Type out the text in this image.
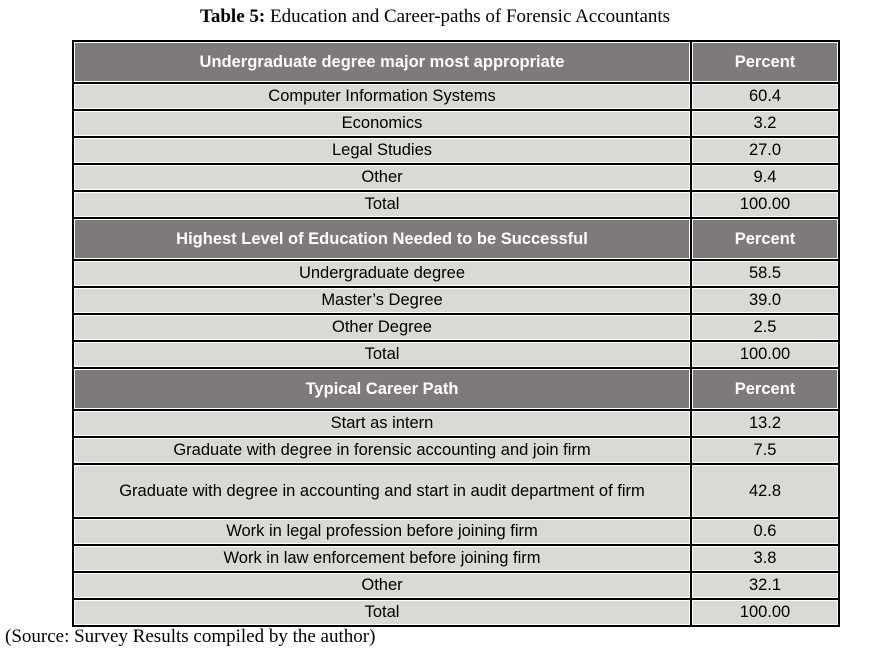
Table 5: Education and Career-paths of Forensic Accountants
Undergraduate degree major most appropriate	Percent
Computer Information Systems	60.4
Economics	3.2
Legal Studies	27.0
Other	9.4
Total	100.00
Highest Level of Education Needed to be Successful	Percent
Undergraduate degree	58.5
Master’s Degree	39.0
Other Degree	2.5
Total	100.00
Typical Career Path	Percent
Start as intern	13.2
Graduate with degree in forensic accounting and join firm	7.5
Graduate with degree in accounting and start in audit department of firm	42.8
Work in legal profession before joining firm	0.6
Work in law enforcement before joining firm	3.8
Other	32.1
Total	100.00
(Source: Survey Results compiled by the author)
